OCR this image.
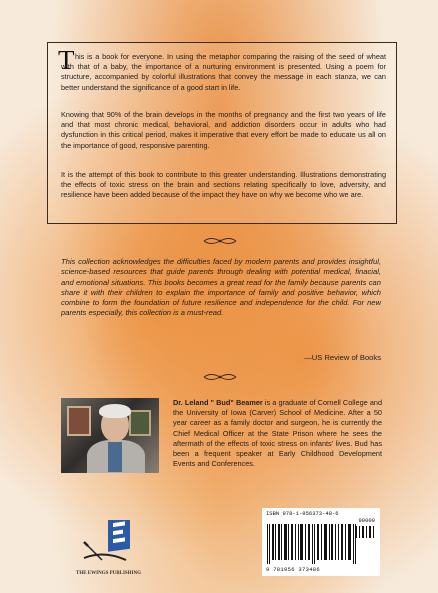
T his is a book for everyone. In using the metaphor comparing the raising of the seed of wheat with that of a baby, the importance of a nurturing environment is presented. Using a poem for structure, accompanied by colorful illustrations that convey the message in each stanza, we can better understand the significance of a good start in life.

Knowing that 90% of the brain develops in the months of pregnancy and the first two years of life and that most chronic medical, behavioral, and addiction disorders occur in adults who had dysfunction in this critical period, makes it imperative that every effort be made to educate us all on the importance of good, responsive parenting.

It is the attempt of this book to contribute to this greater understanding. Illustrations demonstrating the effects of toxic stress on the brain and sections relating specifically to love, adversity, and resilience have been added because of the impact they have on why we become who we are.

This collection acknowledges the difficulties faced by modern parents and provides insightful, science-based resources that guide parents through dealing with potential medical, finacial, and emotional situations. This books becomes a great read for the family because parents can share it with their children to explain the importance of family and positive behavior, which combine to form the foundation of future resilience and independence for the child. For new parents especially, this collection is a must-read.

—US Review of Books

Dr. Leland " Bud" Beamer is a graduate of Cornell College and the University of Iowa (Carver) School of Medicine. After a 50 year career as a family doctor and surgeon, he is currently the Chief Medical Officer at the State Prison where he sees the aftermath of the effects of toxic stress on infants' lives. Bud has been a frequent speaker at Early Childhood Development Events and Conferences.

THE EWINGS PUBLISHING
ISBN 978-1-956373-48-6
90000
9 781956 373486
